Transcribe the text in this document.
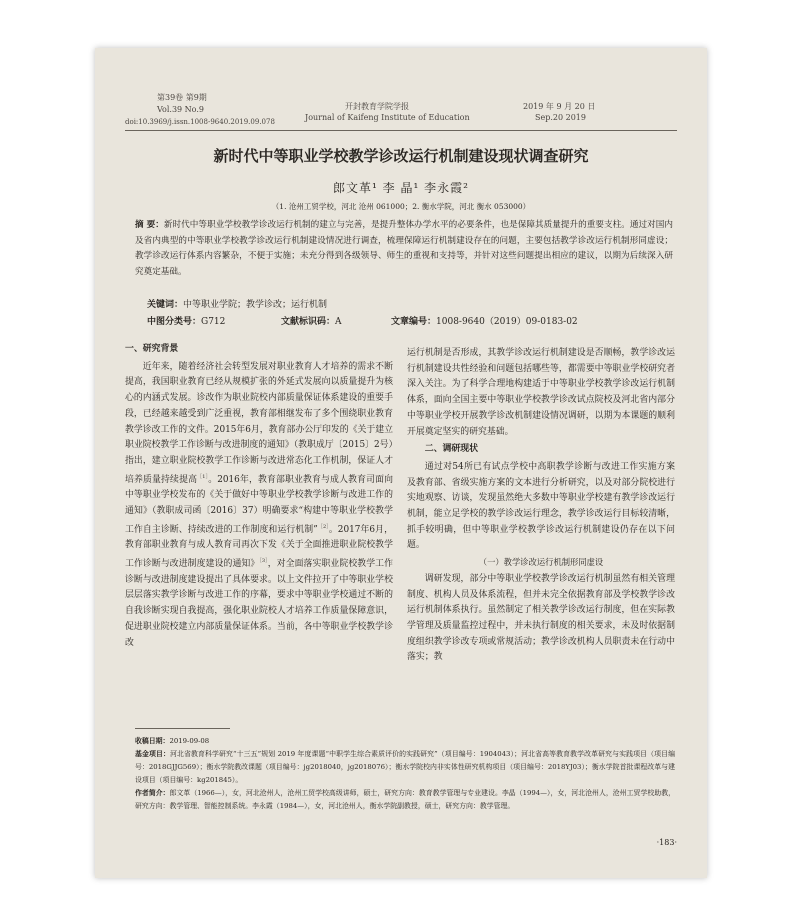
第39卷 第9期
Vol.39 No.9
doi:10.3969/j.issn.1008-9640.2019.09.078
开封教育学院学报
Journal of Kaifeng Institute of Education
2019 年 9 月 20 日
Sep.20 2019
新时代中等职业学校教学诊改运行机制建设现状调查研究
郎文革¹ 李 晶¹ 李永霞²
（1. 沧州工贸学校，河北 沧州 061000；2. 衡水学院，河北 衡水 053000）
摘 要：新时代中等职业学校教学诊改运行机制的建立与完善，是提升整体办学水平的必要条件，也是保障其质量提升的重要支柱。通过对国内及省内典型的中等职业学校教学诊改运行机制建设情况进行调查，梳理保障运行机制建设存在的问题，主要包括教学诊改运行机制形同虚设；教学诊改运行体系内容繁杂，不便于实施；未充分得到各级领导、师生的重视和支持等，并针对这些问题提出相应的建议，以期为后续深入研究奠定基础。
关键词：中等职业学院；教学诊改；运行机制
中图分类号：G712	文献标识码：A	文章编号：1008-9640（2019）09-0183-02

一、研究背景

近年来，随着经济社会转型发展对职业教育人才培养的需求不断提高，我国职业教育已经从规模扩张的外延式发展向以质量提升为核心的内涵式发展。诊改作为职业院校内部质量保证体系建设的重要手段，已经越来越受到广泛重视，教育部相继发布了多个围绕职业教育教学诊改工作的文件。2015年6月，教育部办公厅印发的《关于建立职业院校教学工作诊断与改进制度的通知》（教职成厅〔2015〕2号）指出，建立职业院校教学工作诊断与改进常态化工作机制，保证人才培养质量持续提高$^{[1]}$。2016年，教育部职业教育与成人教育司面向中等职业学校发布的《关于做好中等职业学校教学诊断与改进工作的通知》（教职成司函〔2016〕37）明确要求“构建中等职业学校教学工作自主诊断、持续改进的工作制度和运行机制”$^{[2]}$。2017年6月，教育部职业教育与成人教育司再次下发《关于全面推进职业院校教学工作诊断与改进制度建设的通知》$^{[3]}$，对全面落实职业院校教学工作诊断与改进制度建设提出了具体要求。以上文件拉开了中等职业学校层层落实教学诊断与改进工作的序幕，要求中等职业学校通过不断的自我诊断实现自我提高，强化职业院校人才培养工作质量保障意识，促进职业院校建立内部质量保证体系。当前，各中等职业学校教学诊改

运行机制是否形成，其教学诊改运行机制建设是否顺畅，教学诊改运行机制建设共性经验和问题包括哪些等，都需要中等职业学校研究者深入关注。为了科学合理地构建适于中等职业学校教学诊改运行机制体系，面向全国主要中等职业学校教学诊改试点院校及河北省内部分中等职业学校开展教学诊改机制建设情况调研，以期为本课题的顺利开展奠定坚实的研究基础。

二、调研现状

通过对54所已有试点学校中高职教学诊断与改进工作实施方案及教育部、省级实施方案的文本进行分析研究，以及对部分院校进行实地观察、访谈，发现虽然绝大多数中等职业学校建有教学诊改运行机制，能立足学校的教学诊改运行理念，教学诊改运行目标较清晰，抓手较明确，但中等职业学校教学诊改运行机制建设仍存在以下问题。

（一）教学诊改运行机制形同虚设

调研发现，部分中等职业学校教学诊改运行机制虽然有相关管理制度、机构人员及体系流程，但并未完全依据教育部及学校教学诊改运行机制体系执行。虽然制定了相关教学诊改运行制度，但在实际教学管理及质量监控过程中，并未执行制度的相关要求，未及时依据制度组织教学诊改专项或常规活动；教学诊改机构人员职责未在行动中落实；教

收稿日期：2019-09-08

基金项目：河北省教育科学研究“十三五”规划 2019 年度课题“中职学生综合素质评价的实践研究”（项目编号：1904043）；河北省高等教育教学改革研究与实践项目（项目编号：2018GJJG569）；衡水学院教改课题（项目编号：jg2018040，jg2018076）；衡水学院校内非实体性研究机构项目（项目编号：2018YJ03）；衡水学院首批课程改革与建设项目（项目编号：kg201845）。

作者简介：郎文革（1966—），女，河北沧州人，沧州工贸学校高级讲师，硕士，研究方向：教育教学管理与专业建设。李晶（1994—），女，河北沧州人，沧州工贸学校助教，研究方向：教学管理、智能控制系统。李永霞（1984—），女，河北沧州人，衡水学院副教授，硕士，研究方向：教学管理。

·183·
